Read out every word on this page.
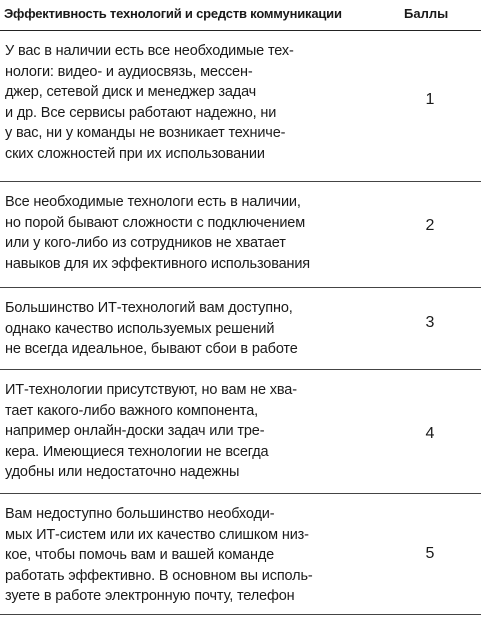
Эффективность технологий и средств коммуникации	Баллы
У вас в наличии есть все необходимые тех-
нологи: видео- и аудиосвязь, мессен-
джер, сетевой диск и менеджер задач
и др. Все сервисы работают надежно, ни
у вас, ни у команды не возникает техниче-
ских сложностей при их использовании
1
Все необходимые технологи есть в наличии,
но порой бывают сложности с подключением
или у кого-либо из сотрудников не хватает
навыков для их эффективного использования
2
Большинство ИТ-технологий вам доступно,
однако качество используемых решений
не всегда идеальное, бывают сбои в работе
3
ИТ-технологии присутствуют, но вам не хва-
тает какого-либо важного компонента,
например онлайн-доски задач или тре-
кера. Имеющиеся технологии не всегда
удобны или недостаточно надежны
4
Вам недоступно большинство необходи-
мых ИТ-систем или их качество слишком низ-
кое, чтобы помочь вам и вашей команде
работать эффективно. В основном вы исполь-
зуете в работе электронную почту, телефон
5
